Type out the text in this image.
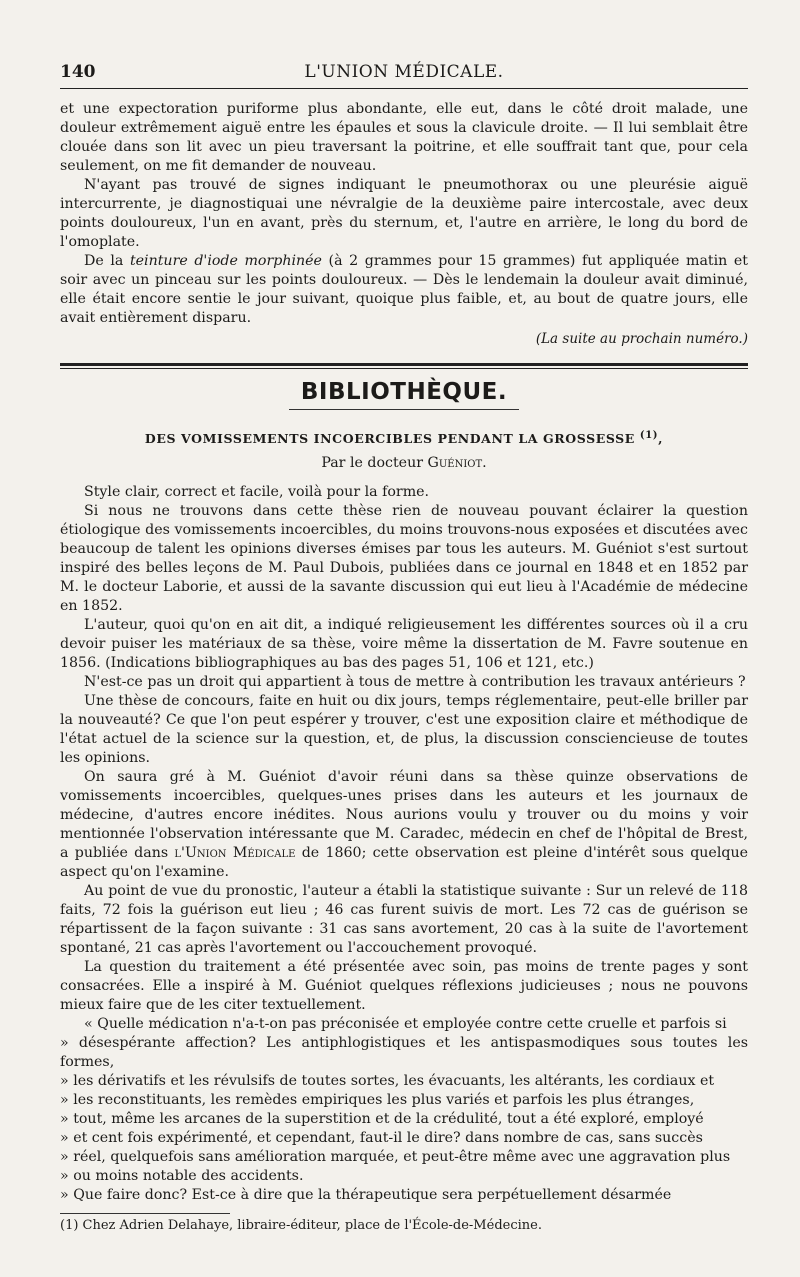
140	L'UNION MÉDICALE.

et une expectoration puriforme plus abondante, elle eut, dans le côté droit malade, une douleur extrêmement aiguë entre les épaules et sous la clavicule droite. — Il lui semblait être clouée dans son lit avec un pieu traversant la poitrine, et elle souffrait tant que, pour cela seulement, on me fit demander de nouveau.

N'ayant pas trouvé de signes indiquant le pneumothorax ou une pleurésie aiguë intercurrente, je diagnostiquai une névralgie de la deuxième paire intercostale, avec deux points douloureux, l'un en avant, près du sternum, et, l'autre en arrière, le long du bord de l'omoplate.

De la teinture d'iode morphinée (à 2 grammes pour 15 grammes) fut appliquée matin et soir avec un pinceau sur les points douloureux. — Dès le lendemain la douleur avait diminué, elle était encore sentie le jour suivant, quoique plus faible, et, au bout de quatre jours, elle avait entièrement disparu.

(La suite au prochain numéro.)

BIBLIOTHÈQUE.

DES VOMISSEMENTS INCOERCIBLES PENDANT LA GROSSESSE $^{(1)}$,

Par le docteur Guéniot.

Style clair, correct et facile, voilà pour la forme.

Si nous ne trouvons dans cette thèse rien de nouveau pouvant éclairer la question étiologique des vomissements incoercibles, du moins trouvons-nous exposées et discutées avec beaucoup de talent les opinions diverses émises par tous les auteurs. M. Guéniot s'est surtout inspiré des belles leçons de M. Paul Dubois, publiées dans ce journal en 1848 et en 1852 par M. le docteur Laborie, et aussi de la savante discussion qui eut lieu à l'Académie de médecine en 1852.

L'auteur, quoi qu'on en ait dit, a indiqué religieusement les différentes sources où il a cru devoir puiser les matériaux de sa thèse, voire même la dissertation de M. Favre soutenue en 1856. (Indications bibliographiques au bas des pages 51, 106 et 121, etc.)

N'est-ce pas un droit qui appartient à tous de mettre à contribution les travaux antérieurs ?

Une thèse de concours, faite en huit ou dix jours, temps réglementaire, peut-elle briller par la nouveauté? Ce que l'on peut espérer y trouver, c'est une exposition claire et méthodique de l'état actuel de la science sur la question, et, de plus, la discussion consciencieuse de toutes les opinions.

On saura gré à M. Guéniot d'avoir réuni dans sa thèse quinze observations de vomissements incoercibles, quelques-unes prises dans les auteurs et les journaux de médecine, d'autres encore inédites. Nous aurions voulu y trouver ou du moins y voir mentionnée l'observation intéressante que M. Caradec, médecin en chef de l'hôpital de Brest, a publiée dans l'Union Médicale de 1860; cette observation est pleine d'intérêt sous quelque aspect qu'on l'examine.

Au point de vue du pronostic, l'auteur a établi la statistique suivante : Sur un relevé de 118 faits, 72 fois la guérison eut lieu ; 46 cas furent suivis de mort. Les 72 cas de guérison se répartissent de la façon suivante : 31 cas sans avortement, 20 cas à la suite de l'avortement spontané, 21 cas après l'avortement ou l'accouchement provoqué.

La question du traitement a été présentée avec soin, pas moins de trente pages y sont consacrées. Elle a inspiré à M. Guéniot quelques réflexions judicieuses ; nous ne pouvons mieux faire que de les citer textuellement.

« Quelle médication n'a-t-on pas préconisée et employée contre cette cruelle et parfois si

» désespérante affection? Les antiphlogistiques et les antispasmodiques sous toutes les formes,

» les dérivatifs et les révulsifs de toutes sortes, les évacuants, les altérants, les cordiaux et

» les reconstituants, les remèdes empiriques les plus variés et parfois les plus étranges,

» tout, même les arcanes de la superstition et de la crédulité, tout a été exploré, employé

» et cent fois expérimenté, et cependant, faut-il le dire? dans nombre de cas, sans succès

» réel, quelquefois sans amélioration marquée, et peut-être même avec une aggravation plus

» ou moins notable des accidents.

» Que faire donc? Est-ce à dire que la thérapeutique sera perpétuellement désarmée

(1) Chez Adrien Delahaye, libraire-éditeur, place de l'École-de-Médecine.
